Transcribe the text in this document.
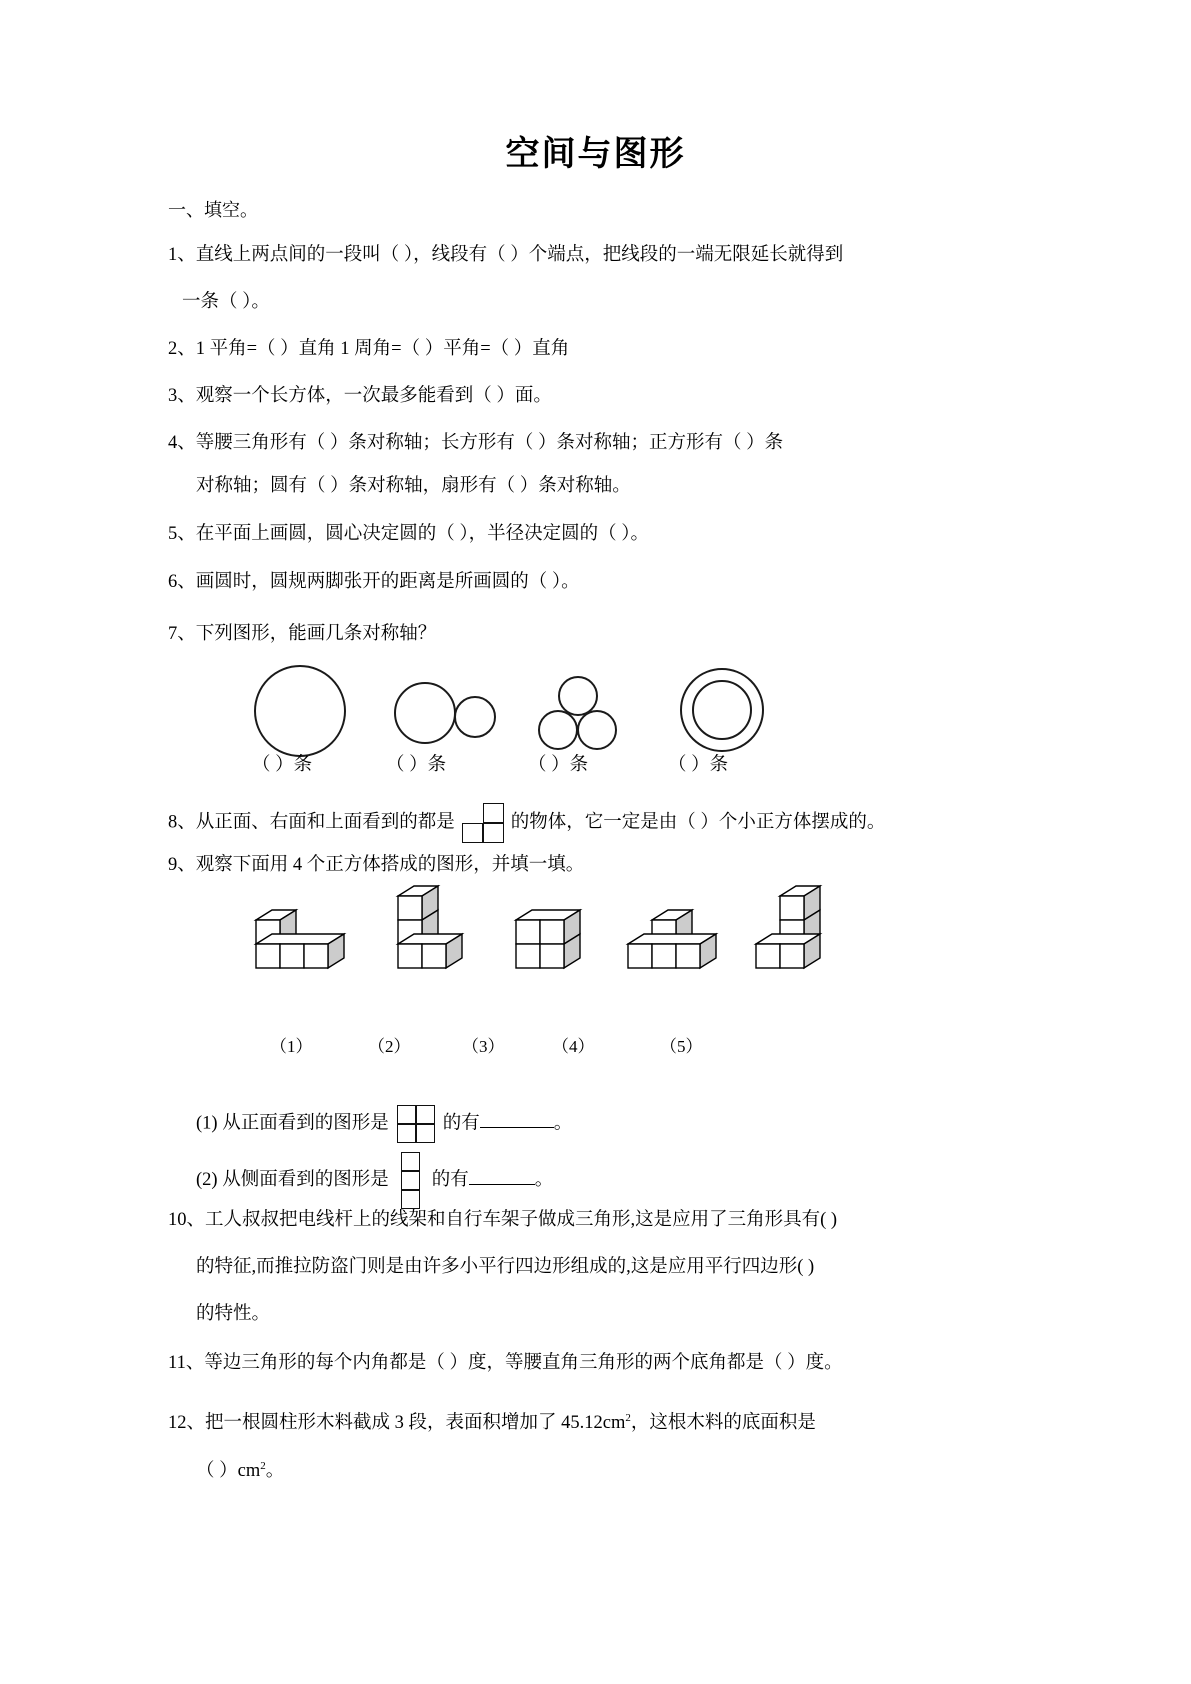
空间与图形
一、填空。
1、直线上两点间的一段叫（ ），线段有（ ）个端点，把线段的一端无限延长就得到
一条（ ）。
2、1 平角=（ ）直角 1 周角=（ ）平角=（ ）直角
3、观察一个长方体，一次最多能看到（ ）面。
4、等腰三角形有（ ）条对称轴；长方形有（ ）条对称轴；正方形有（ ）条
对称轴；圆有（ ）条对称轴，扇形有（ ）条对称轴。
5、在平面上画圆，圆心决定圆的（ ），半径决定圆的（ ）。
6、画圆时，圆规两脚张开的距离是所画圆的（ ）。
7、下列图形，能画几条对称轴？
（ ）条	（ ）条	（ ）条	（ ）条
8、从正面、右面和上面看到的都是	的物体，它一定是由（ ）个小正方体摆成的。
9、观察下面用 4 个正方体搭成的图形，并填一填。
（1）	（2）	（3）	（4）	（5）
(1) 从正面看到的图形是	的有	。
(2) 从侧面看到的图形是 的有	。
10、工人叔叔把电线杆上的线架和自行车架子做成三角形,这是应用了三角形具有( )
的特征,而推拉防盗门则是由许多小平行四边形组成的,这是应用平行四边形( )
的特性。
11、等边三角形的每个内角都是（ ）度，等腰直角三角形的两个底角都是（ ）度。
12、把一根圆柱形木料截成 3 段，表面积增加了 $45.12cm^2$，这根木料的底面积是
（ ）$cm^2$。
